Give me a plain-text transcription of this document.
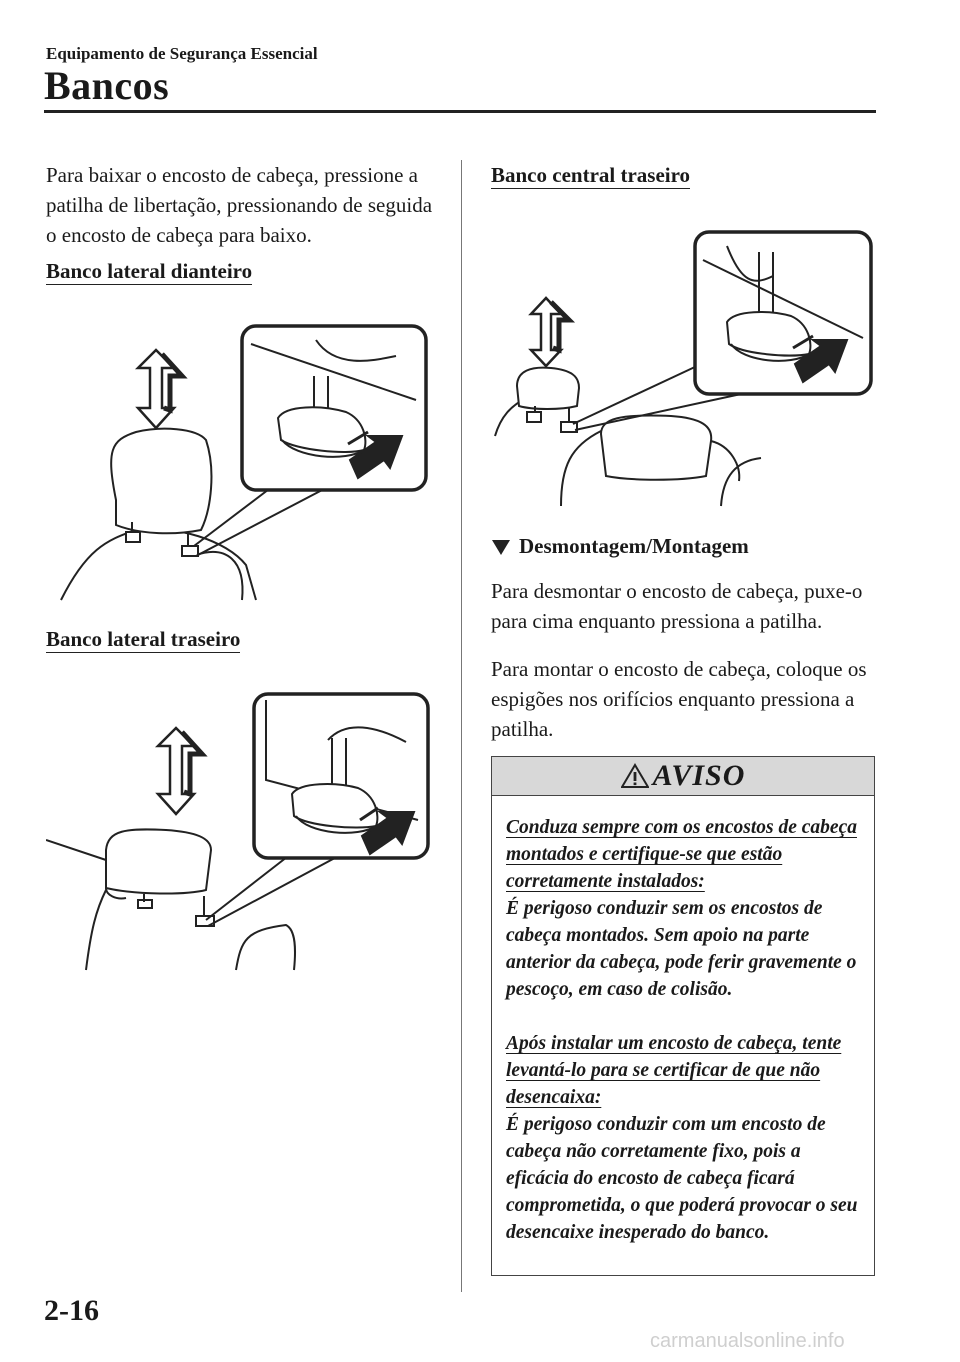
Equipamento de Segurança Essencial
Bancos
Para baixar o encosto de cabeça, pressione a patilha de libertação, pressionando de seguida o encosto de cabeça para baixo.
Banco lateral dianteiro
Banco lateral traseiro
Banco central traseiro
Desmontagem/Montagem
Para desmontar o encosto de cabeça, puxe-o para cima enquanto pressiona a patilha.
Para montar o encosto de cabeça, coloque os espigões nos orifícios enquanto pressiona a patilha.
AVISO

Conduza sempre com os encostos de cabeça montados e certifique-se que estão corretamente instalados:

É perigoso conduzir sem os encostos de cabeça montados. Sem apoio na parte anterior da cabeça, pode ferir gravemente o pescoço, em caso de colisão.

Após instalar um encosto de cabeça, tente levantá-lo para se certificar de que não desencaixa:

É perigoso conduzir com um encosto de cabeça não corretamente fixo, pois a eficácia do encosto de cabeça ficará comprometida, o que poderá provocar o seu desencaixe inesperado do banco.

2-16
carmanualsonline.info
